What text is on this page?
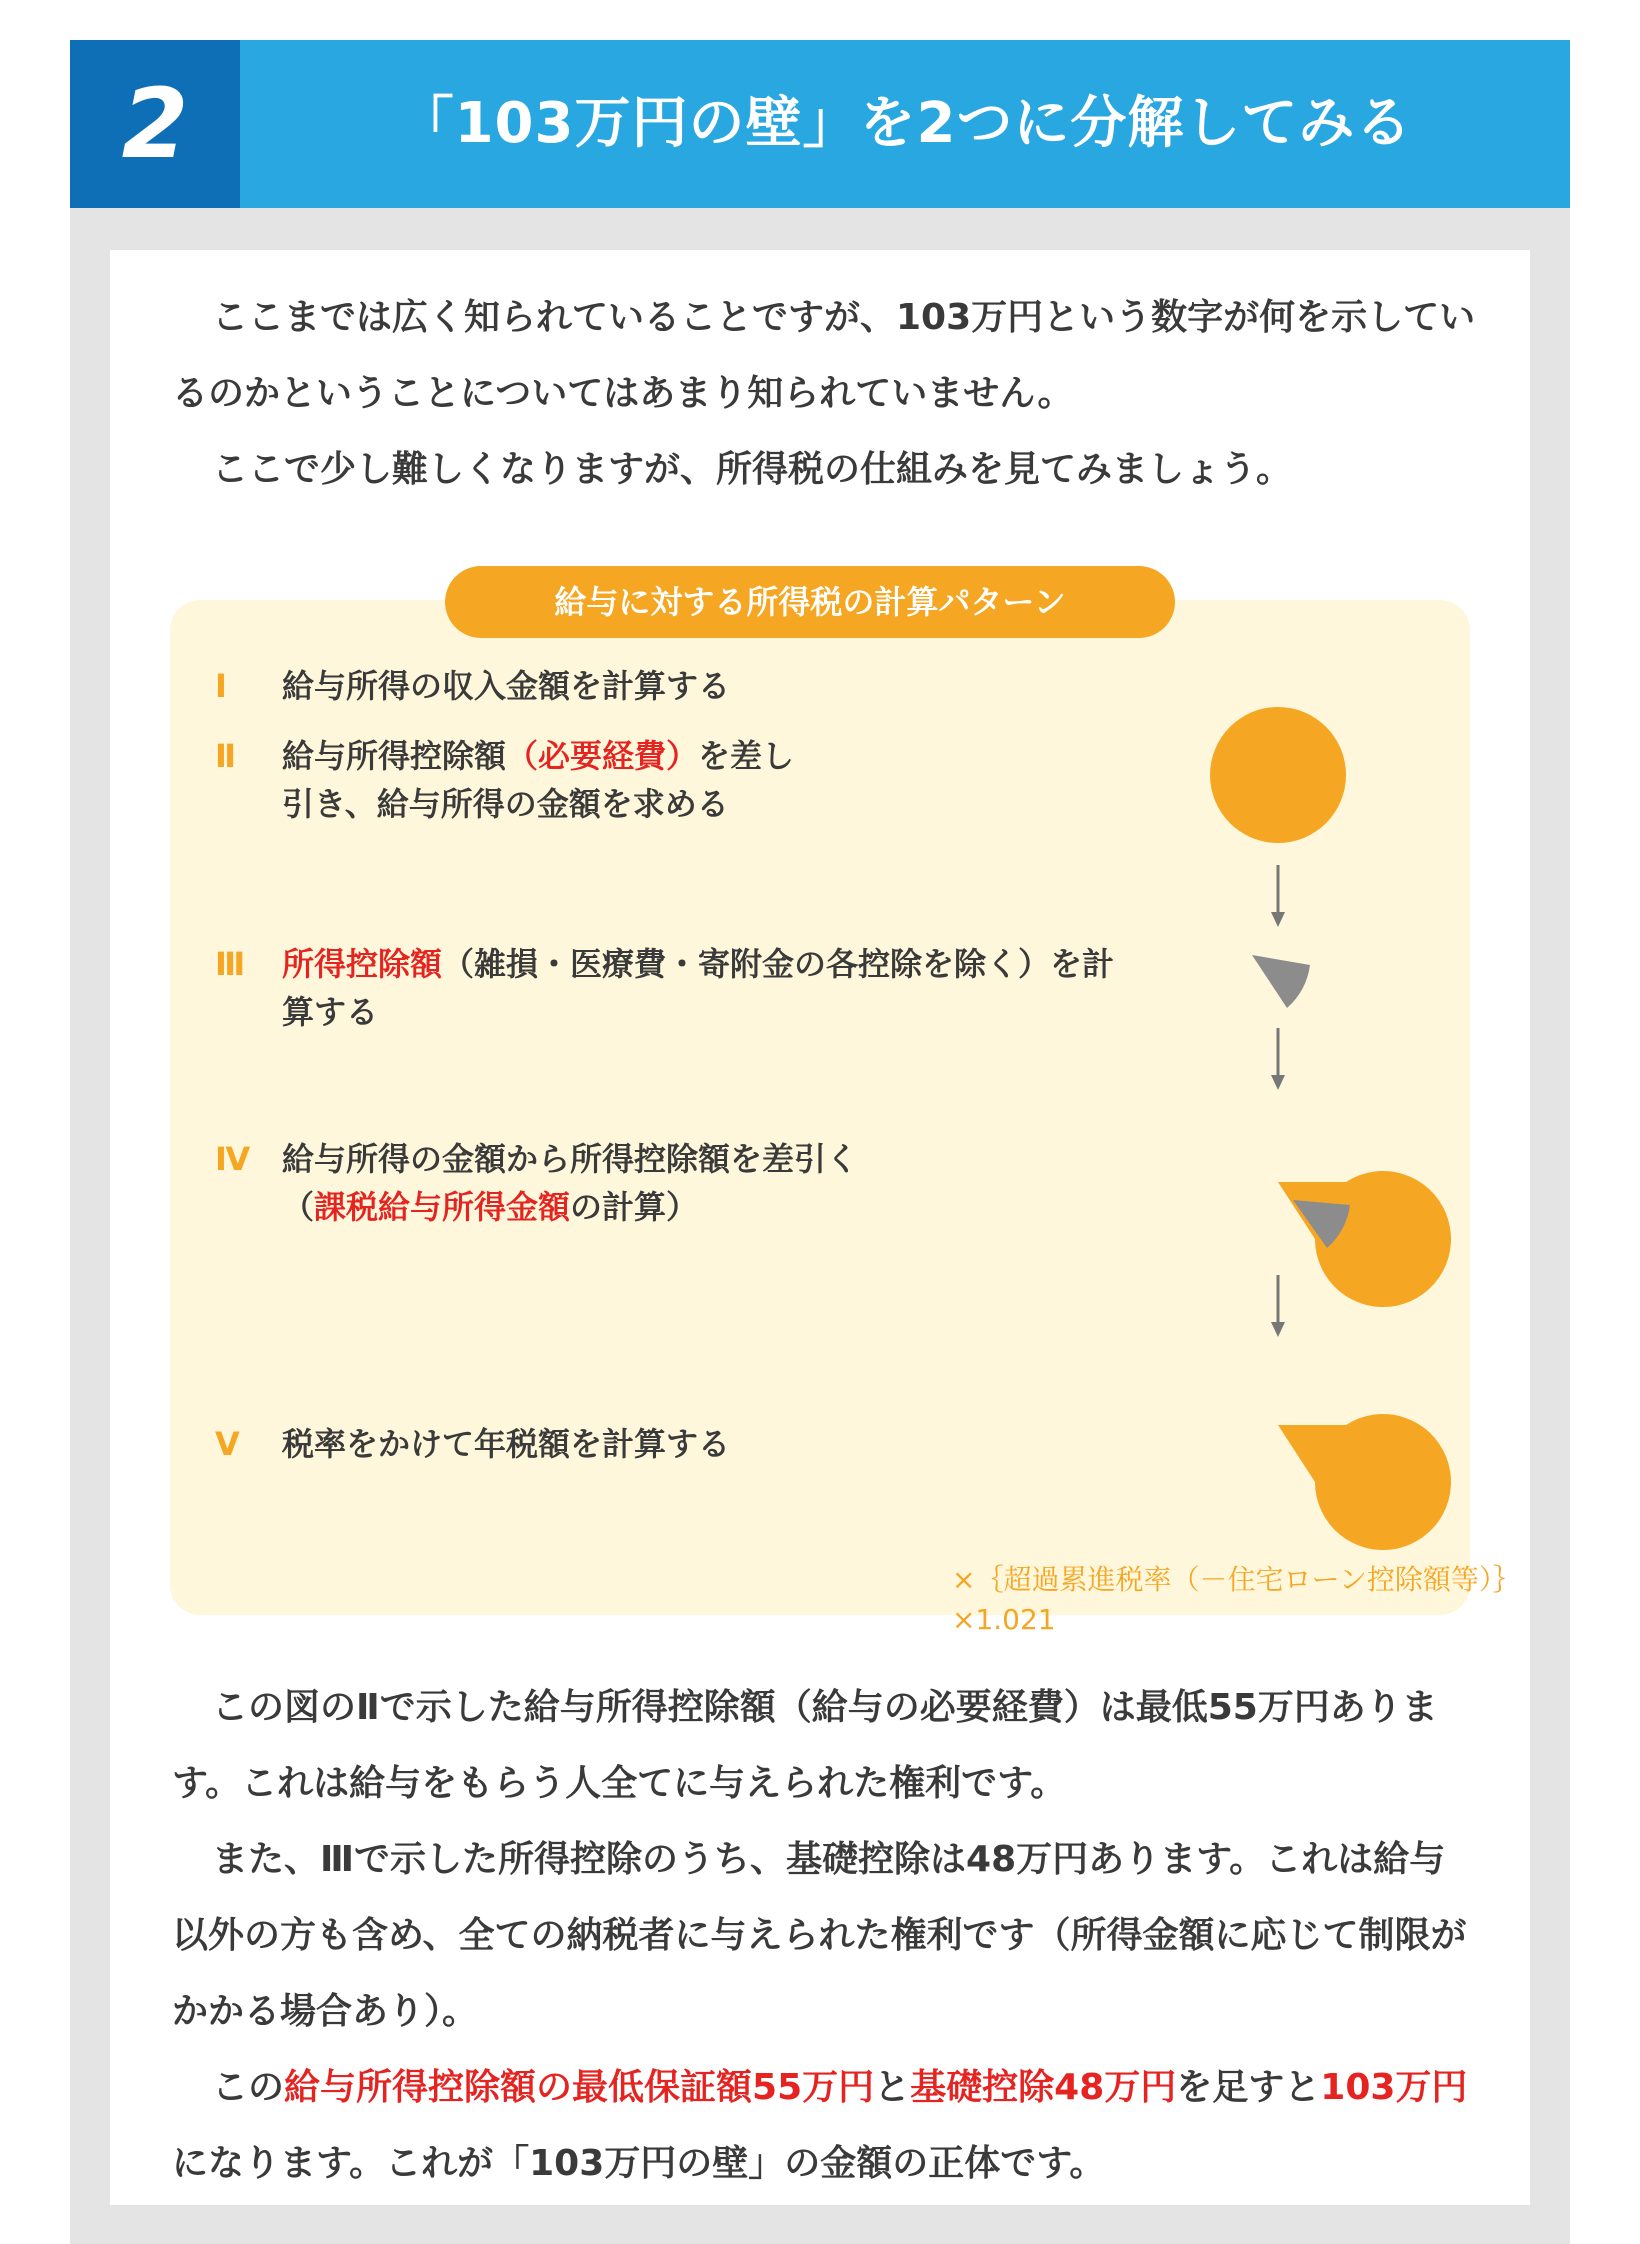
2	「103万円の壁」を2つに分解してみる

ここまでは広く知られていることですが、103万円という数字が何を示しているのかということについてはあまり知られていません。

ここで少し難しくなりますが、所得税の仕組みを見てみましょう。

給与に対する所得税の計算パターン
Ⅰ	給与所得の収入金額を計算する
Ⅱ	給与所得控除額（必要経費）を差し引き、給与所得の金額を求める
Ⅲ	所得控除額（雑損・医療費・寄附金の各控除を除く）を計算する
Ⅳ 給与所得の金額から所得控除額を差引く（課税給与所得金額の計算）
Ⅴ	税率をかけて年税額を計算する
×｛超過累進税率（－住宅ローン控除額等）｝
×1.021

この図のⅡで示した給与所得控除額（給与の必要経費）は最低55万円あります。これは給与をもらう人全てに与えられた権利です。

また、Ⅲで示した所得控除のうち、基礎控除は48万円あります。これは給与以外の方も含め、全ての納税者に与えられた権利です（所得金額に応じて制限がかかる場合あり）。

この給与所得控除額の最低保証額55万円と基礎控除48万円を足すと103万円になります。これが「103万円の壁」の金額の正体です。
